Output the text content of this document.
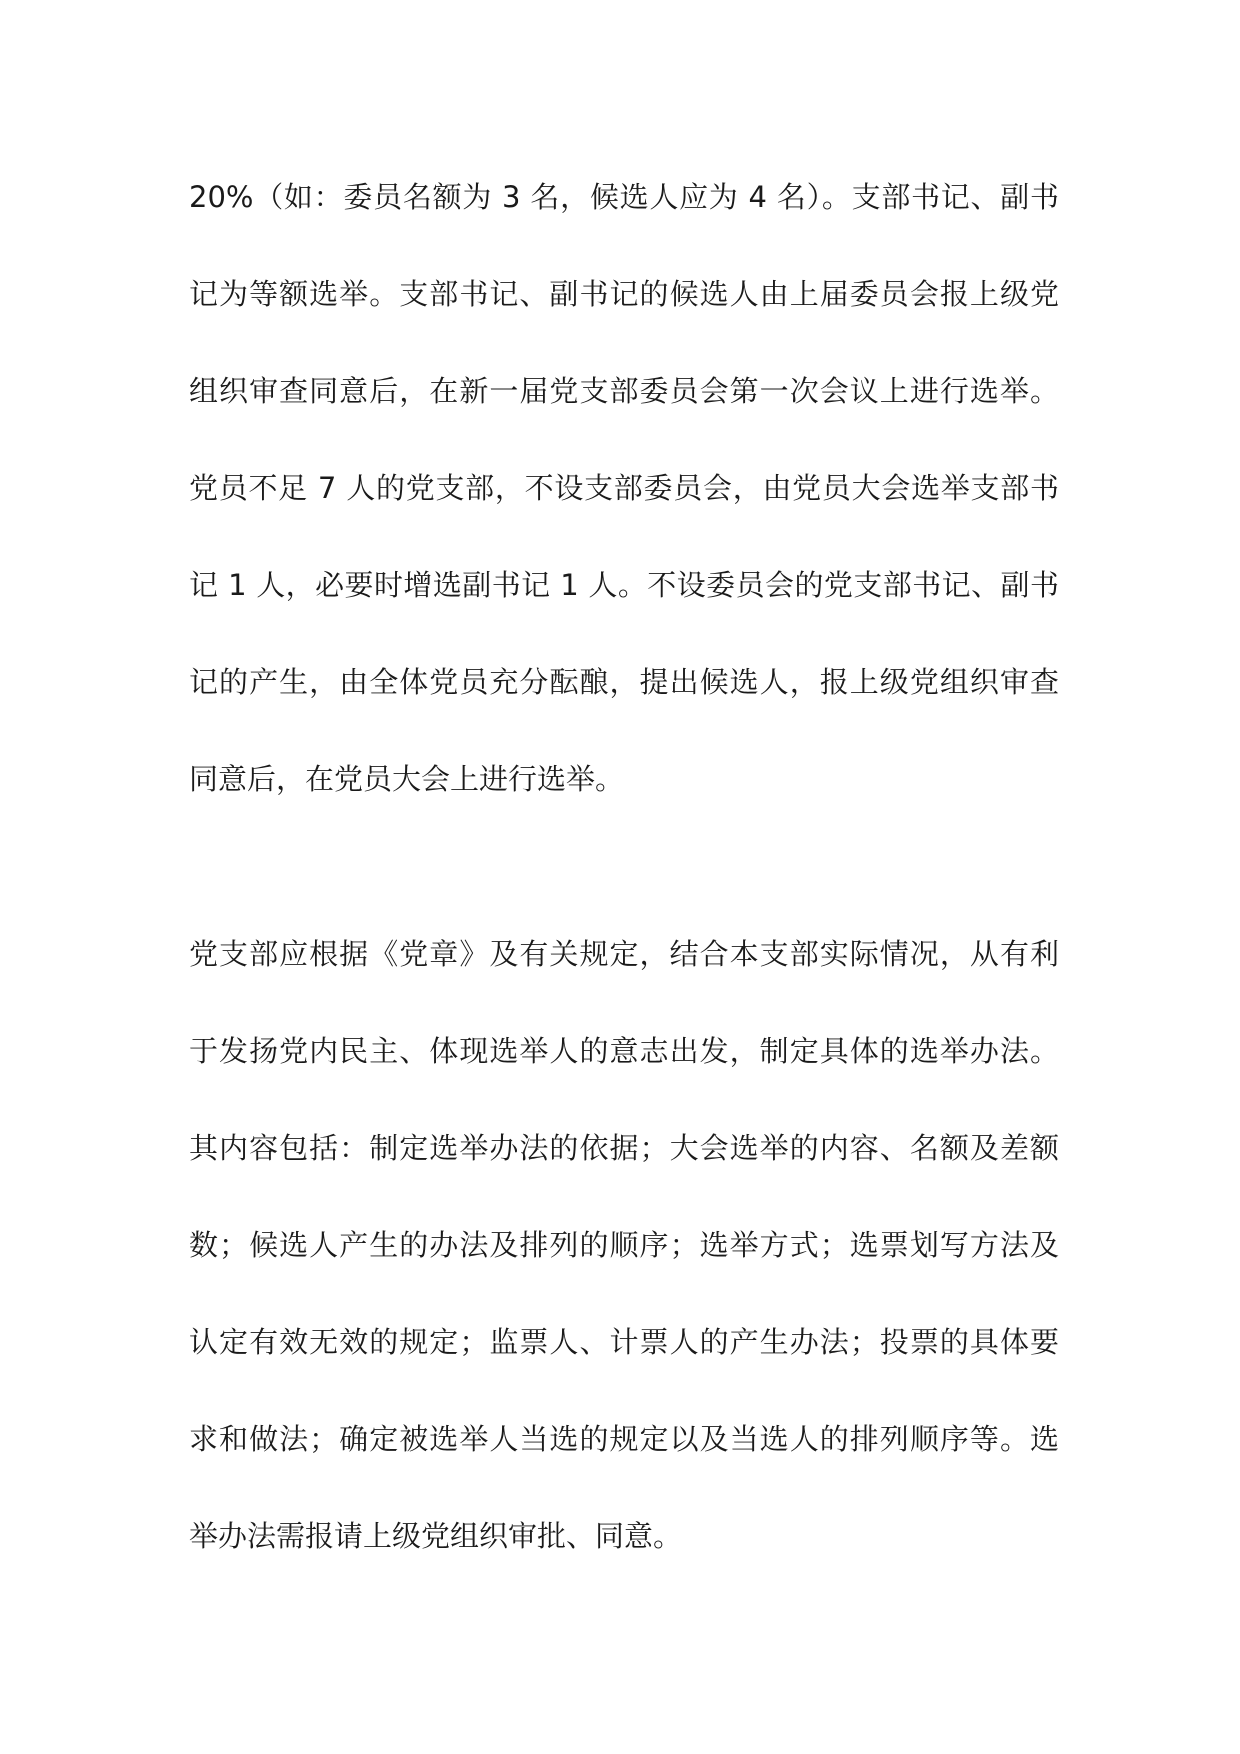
20%（如：委员名额为 3 名，候选人应为 4 名）。支部书记、副书
记为等额选举。支部书记、副书记的候选人由上届委员会报上级党
组织审查同意后，在新一届党支部委员会第一次会议上进行选举。
党员不足 7 人的党支部，不设支部委员会，由党员大会选举支部书
记 1 人，必要时增选副书记 1 人。不设委员会的党支部书记、副书
记的产生，由全体党员充分酝酿，提出候选人，报上级党组织审查
同意后，在党员大会上进行选举。
党支部应根据《党章》及有关规定，结合本支部实际情况，从有利
于发扬党内民主、体现选举人的意志出发，制定具体的选举办法。
其内容包括：制定选举办法的依据；大会选举的内容、名额及差额
数；候选人产生的办法及排列的顺序；选举方式；选票划写方法及
认定有效无效的规定；监票人、计票人的产生办法；投票的具体要
求和做法；确定被选举人当选的规定以及当选人的排列顺序等。选
举办法需报请上级党组织审批、同意。
